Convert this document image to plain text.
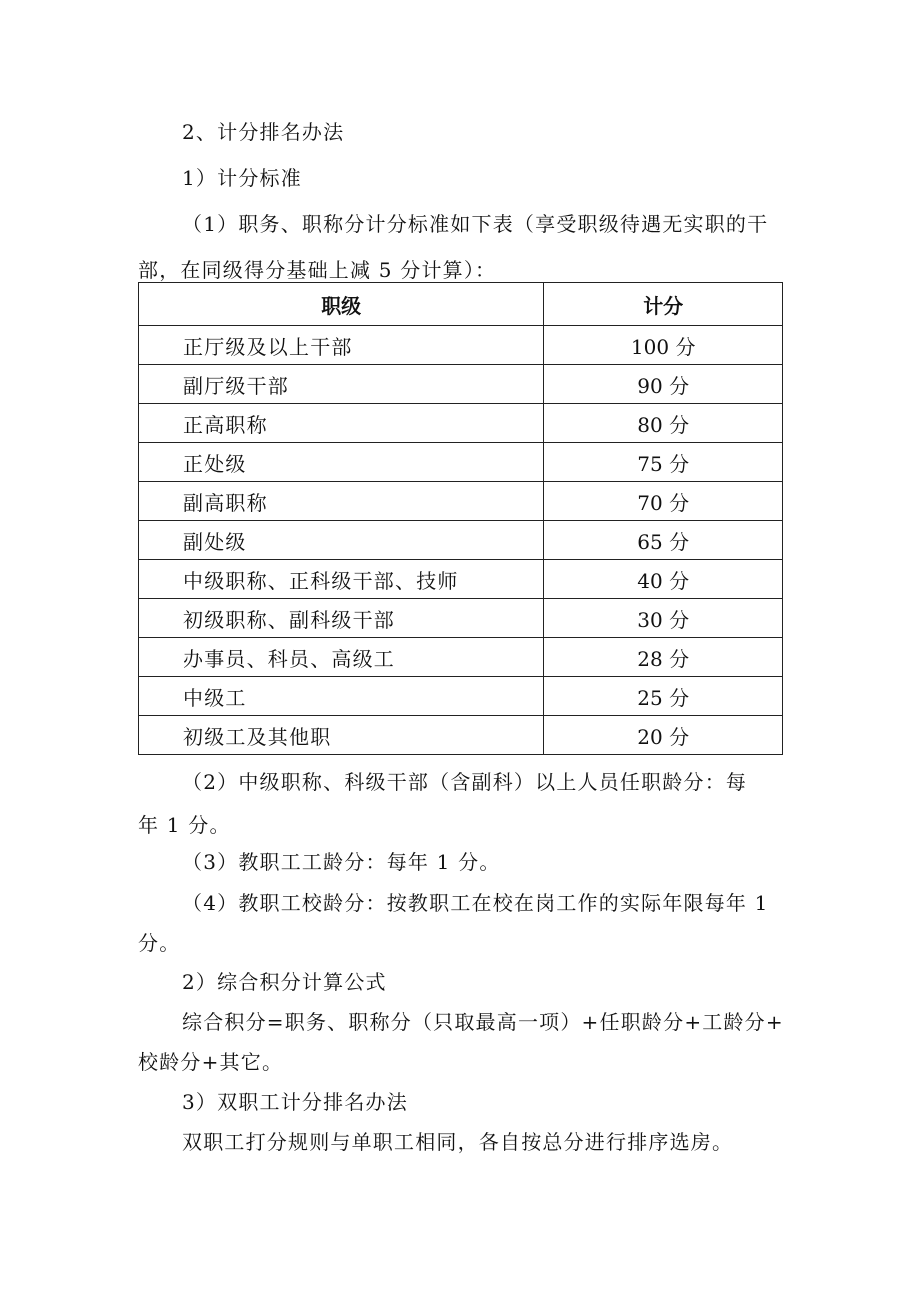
2、计分排名办法
1）计分标准
（1）职务、职称分计分标准如下表（享受职级待遇无实职的干
部，在同级得分基础上减 5 分计算）：
职级	计分
正厅级及以上干部	100 分
副厅级干部	90 分
正高职称	80 分
正处级	75 分
副高职称	70 分
副处级	65 分
中级职称、正科级干部、技师	40 分
初级职称、副科级干部	30 分
办事员、科员、高级工	28 分
中级工	25 分
初级工及其他职	20 分
（2）中级职称、科级干部（含副科）以上人员任职龄分：每
年 1 分。
（3）教职工工龄分：每年 1 分。
（4）教职工校龄分：按教职工在校在岗工作的实际年限每年 1
分。
2）综合积分计算公式
综合积分=职务、职称分（只取最高一项）+任职龄分+工龄分+
校龄分+其它。
3）双职工计分排名办法
双职工打分规则与单职工相同，各自按总分进行排序选房。
